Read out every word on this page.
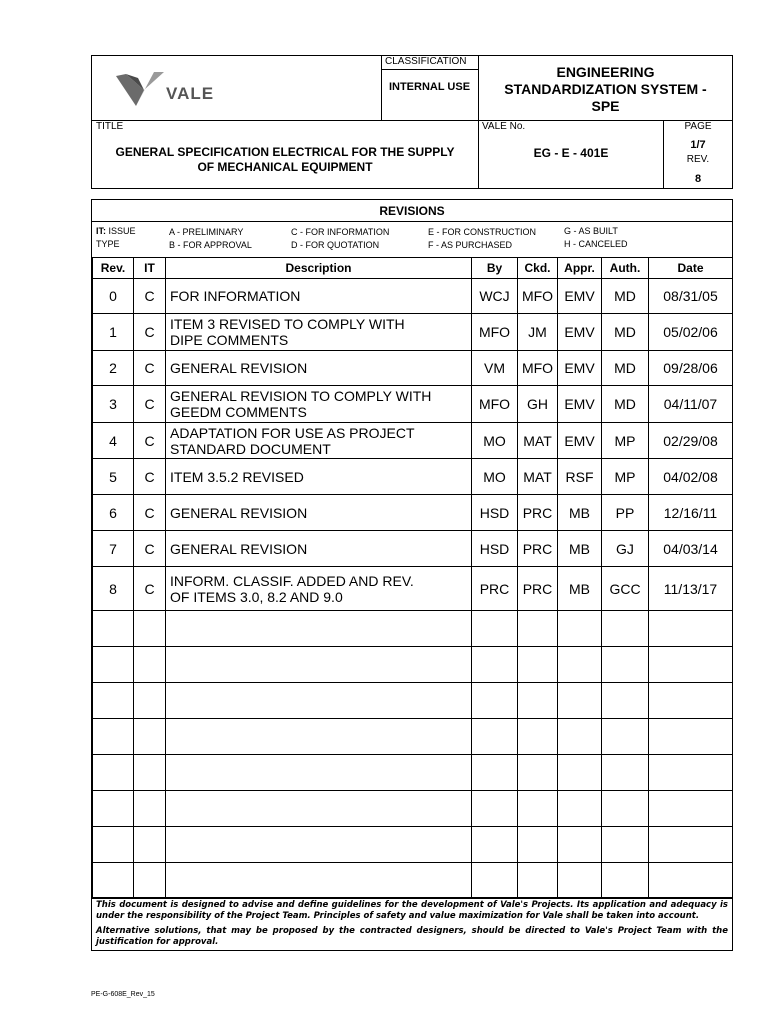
VALE
CLASSIFICATION
INTERNAL USE
ENGINEERING
STANDARDIZATION SYSTEM -
SPE
TITLE
GENERAL SPECIFICATION ELECTRICAL FOR THE SUPPLY
OF MECHANICAL EQUIPMENT
VALE No.
EG - E - 401E
PAGE
1/7
REV.
8
REVISIONS
IT: ISSUE
TYPE
A - PRELIMINARY
B - FOR APPROVAL
C - FOR INFORMATION
D - FOR QUOTATION
E - FOR CONSTRUCTION
F - AS PURCHASED
G - AS BUILT
H - CANCELED
Rev.	IT	Description	By	Ckd.	Appr.	Auth.	Date
0	C	FOR INFORMATION	WCJ	MFO	EMV	MD	08/31/05
1	C	ITEM 3 REVISED TO COMPLY WITH
DIPE COMMENTS	MFO	JM	EMV	MD	05/02/06
2	C	GENERAL REVISION	VM	MFO	EMV	MD	09/28/06
3	C	GENERAL REVISION TO COMPLY WITH
GEEDM COMMENTS	MFO	GH	EMV	MD	04/11/07
4	C	ADAPTATION FOR USE AS PROJECT
STANDARD DOCUMENT	MO	MAT	EMV	MP	02/29/08
5	C	ITEM 3.5.2 REVISED	MO	MAT	RSF	MP	04/02/08
6	C	GENERAL REVISION	HSD	PRC	MB	PP	12/16/11
7	C	GENERAL REVISION	HSD	PRC	MB	GJ	04/03/14
8	C	INFORM. CLASSIF. ADDED AND REV.
OF ITEMS 3.0, 8.2 AND 9.0	PRC	PRC	MB	GCC	11/13/17

This document is designed to advise and define guidelines for the development of Vale's Projects. Its application and adequacy is under the responsibility of the Project Team. Principles of safety and value maximization for Vale shall be taken into account.
Alternative solutions, that may be proposed by the contracted designers, should be directed to Vale's Project Team with the justification for approval.
PE-G-608E_Rev_15
